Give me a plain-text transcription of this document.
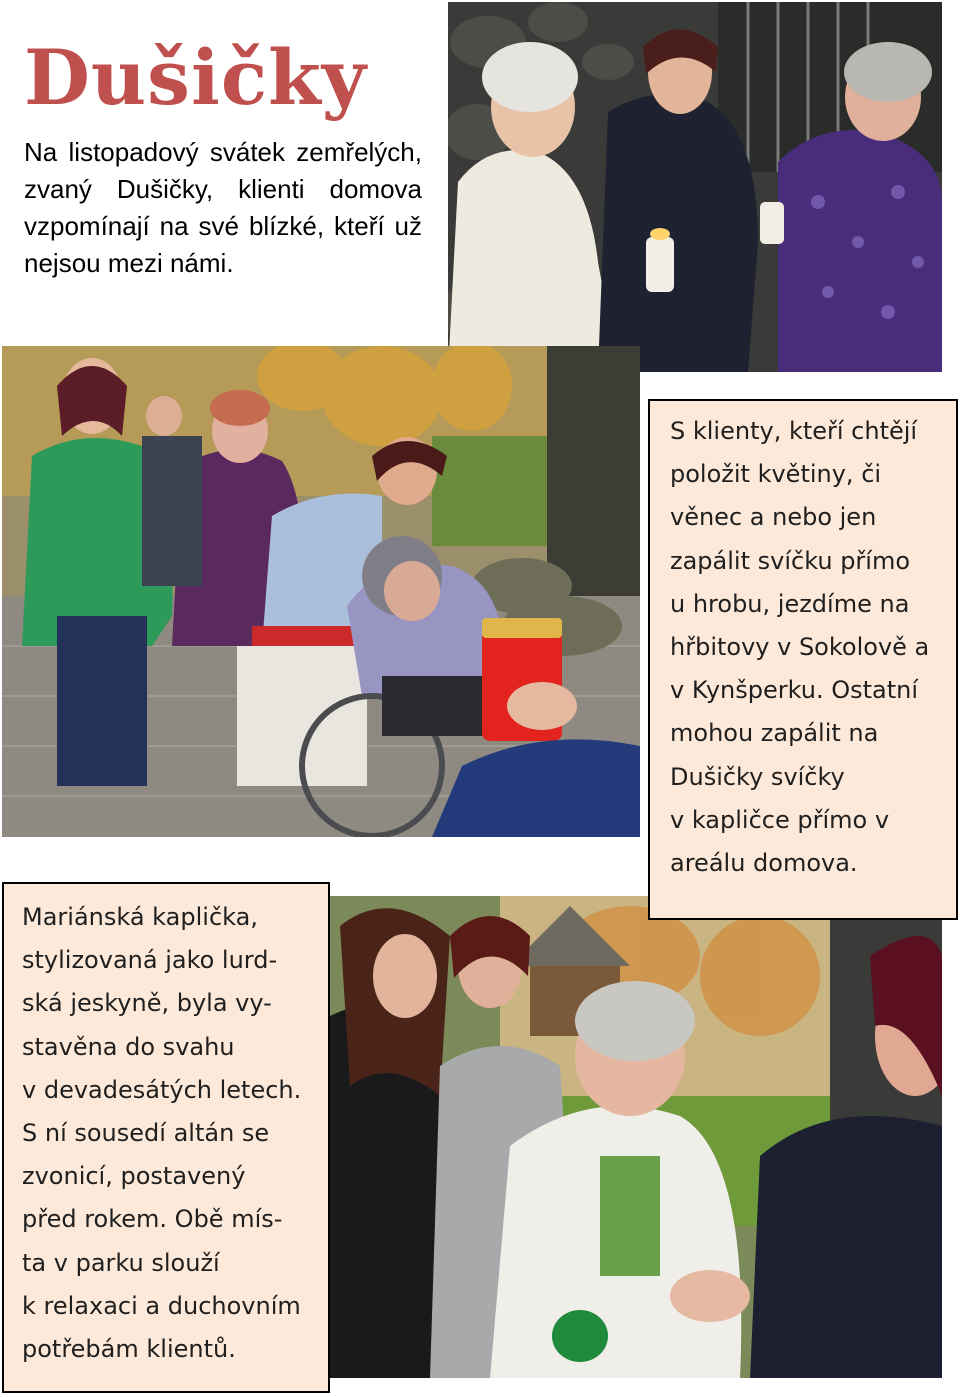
Dušičky

Na listopadový svátek zemřelých, zvaný Dušičky, klienti domova vzpomínají na své blízké, kteří už nejsou mezi námi.

S klienty, kteří chtějí
položit květiny, či
věnec a nebo jen
zapálit svíčku přímo
u hrobu, jezdíme na
hřbitovy v Sokolově a
v Kynšperku. Ostatní
mohou zapálit na
Dušičky svíčky
v kapličce přímo v
areálu domova.
Mariánská kaplička,
stylizovaná jako lurd-
ská jeskyně, byla vy-
stavěna do svahu
v devadesátých letech.
S ní sousedí altán se
zvonicí, postavený
před rokem. Obě mís-
ta v parku slouží
k relaxaci a duchovním
potřebám klientů.
